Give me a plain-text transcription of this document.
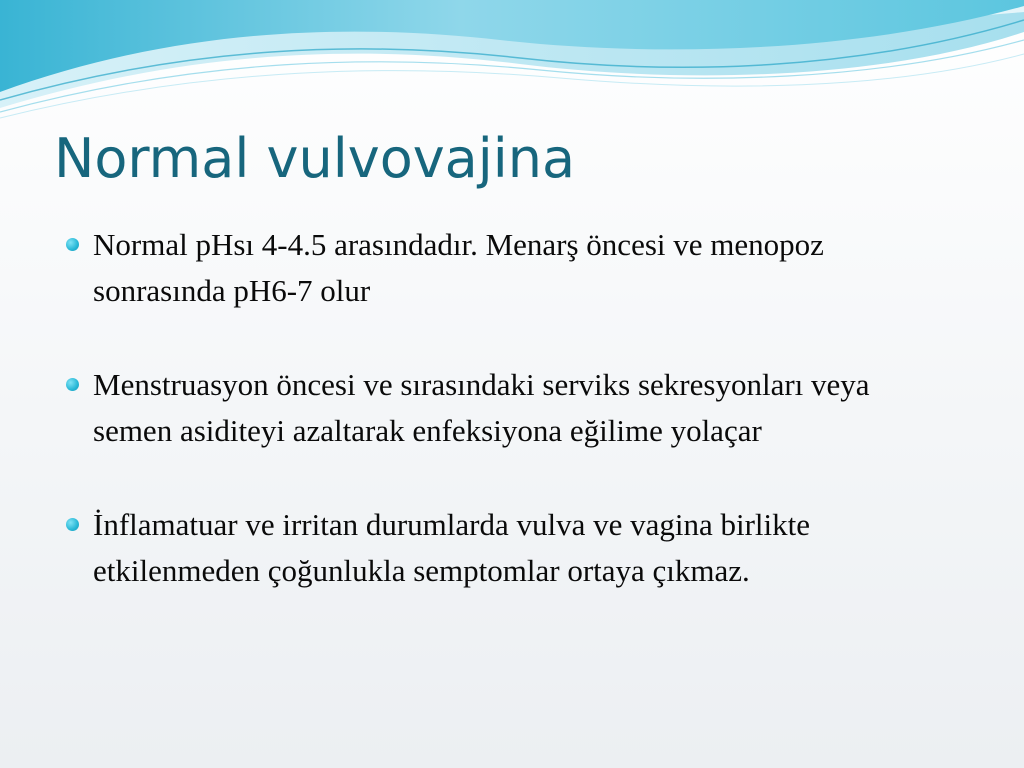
Normal vulvovajina
Normal pHsı 4-4.5 arasındadır. Menarş öncesi ve menopoz sonrasında pH6-7 olur
Menstruasyon öncesi ve sırasındaki serviks sekresyonları veya semen asiditeyi azaltarak enfeksiyona eğilime yolaçar
İnflamatuar ve irritan durumlarda vulva ve vagina birlikte etkilenmeden çoğunlukla semptomlar ortaya çıkmaz.
